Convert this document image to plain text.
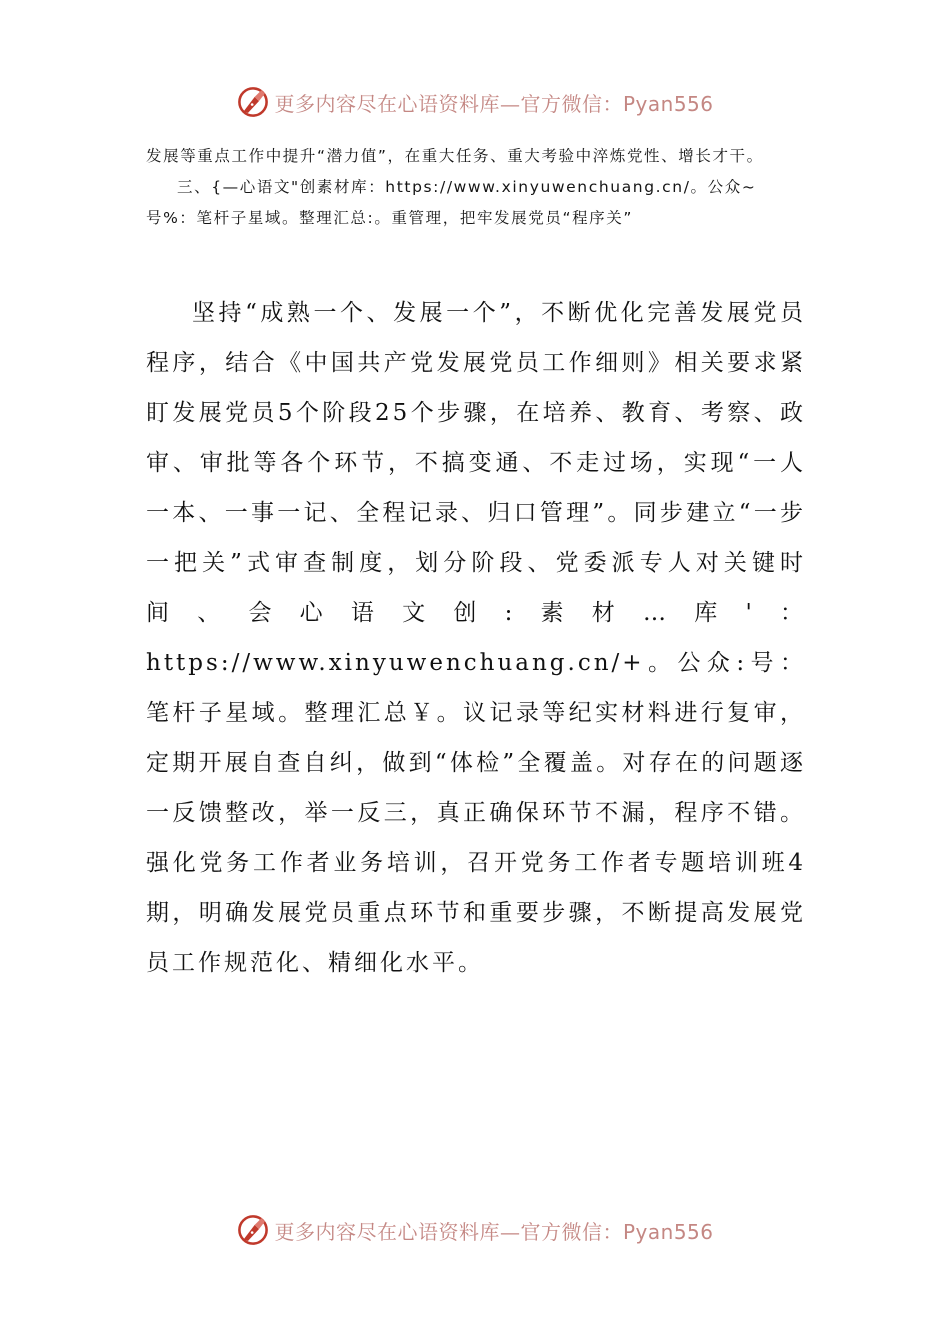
更多内容尽在心语资料库—官方微信：Pyan556

发展等重点工作中提升“潜力值”，在重大任务、重大考验中淬炼党性、增长才干。

三、{—心语文"创素材库：https://www.xinyuwenchuang.cn/。公众~号%：笔杆子星域。整理汇总:。重管理，把牢发展党员“程序关”

坚持“成熟一个、发展一个”，不断优化完善发展党员程序，结合《中国共产党发展党员工作细则》相关要求紧盯发展党员5个阶段25个步骤，在培养、教育、考察、政审、审批等各个环节，不搞变通、不走过场，实现“一人一本、一事一记、全程记录、归口管理”。同步建立“一步一把关”式审查制度，划分阶段、党委派专人对关键时间、会心语文创:素材…库'：https://www.xinyuwenchuang.cn/+。公众:号：笔杆子星域。整理汇总￥。议记录等纪实材料进行复审，定期开展自查自纠，做到“体检”全覆盖。对存在的问题逐一反馈整改，举一反三，真正确保环节不漏，程序不错。强化党务工作者业务培训，召开党务工作者专题培训班4期，明确发展党员重点环节和重要步骤，不断提高发展党员工作规范化、精细化水平。

更多内容尽在心语资料库—官方微信：Pyan556
